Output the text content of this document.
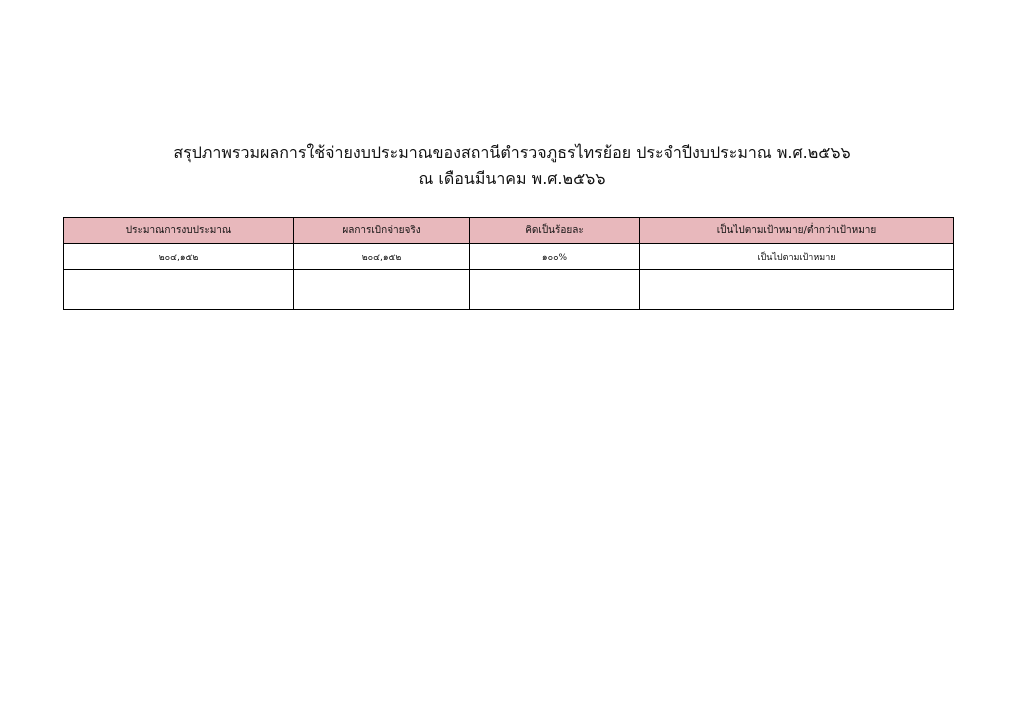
สรุปภาพรวมผลการใช้จ่ายงบประมาณของสถานีตำรวจภูธรไทรย้อย ประจำปีงบประมาณ พ.ศ.๒๕๖๖
ณ เดือนมีนาคม พ.ศ.๒๕๖๖
ประมาณการงบประมาณ	ผลการเบิกจ่ายจริง	คิดเป็นร้อยละ	เป็นไปตามเป้าหมาย/ต่ำกว่าเป้าหมาย
๒๐๔,๑๕๒	๒๐๔,๑๕๒	๑๐๐%	เป็นไปตามเป้าหมาย
